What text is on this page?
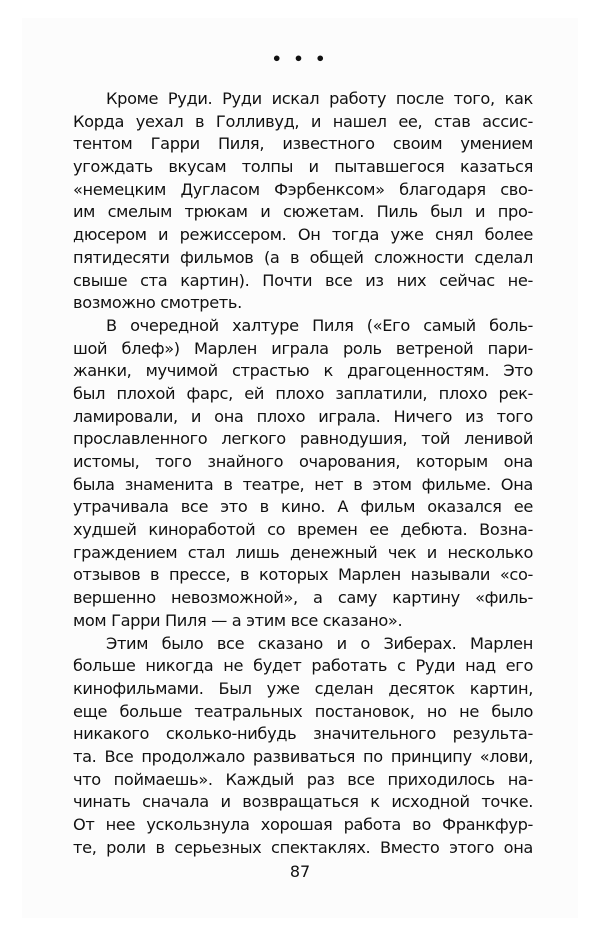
• • •
Кроме Руди. Руди искал работу после того, как
Корда уехал в Голливуд, и нашел ее, став ассис-
тентом Гарри Пиля, известного своим умением
угождать вкусам толпы и пытавшегося казаться
«немецким Дугласом Фэрбенксом» благодаря сво-
им смелым трюкам и сюжетам. Пиль был и про-
дюсером и режиссером. Он тогда уже снял более
пятидесяти фильмов (а в общей сложности сделал
свыше ста картин). Почти все из них сейчас не-
возможно смотреть.
В очередной халтуре Пиля («Его самый боль-
шой блеф») Марлен играла роль ветреной пари-
жанки, мучимой страстью к драгоценностям. Это
был плохой фарс, ей плохо заплатили, плохо рек-
ламировали, и она плохо играла. Ничего из того
прославленного легкого равнодушия, той ленивой
истомы, того знайного очарования, которым она
была знаменита в театре, нет в этом фильме. Она
утрачивала все это в кино. А фильм оказался ее
худшей киноработой со времен ее дебюта. Возна-
граждением стал лишь денежный чек и несколько
отзывов в прессе, в которых Марлен называли «со-
вершенно невозможной», а саму картину «филь-
мом Гарри Пиля — а этим все сказано».
Этим было все сказано и о Зиберах. Марлен
больше никогда не будет работать с Руди над его
кинофильмами. Был уже сделан десяток картин,
еще больше театральных постановок, но не было
никакого сколько-нибудь значительного результа-
та. Все продолжало развиваться по принципу «лови,
что поймаешь». Каждый раз все приходилось на-
чинать сначала и возвращаться к исходной точке.
От нее ускользнула хорошая работа во Франкфур-
те, роли в серьезных спектаклях. Вместо этого она
87
